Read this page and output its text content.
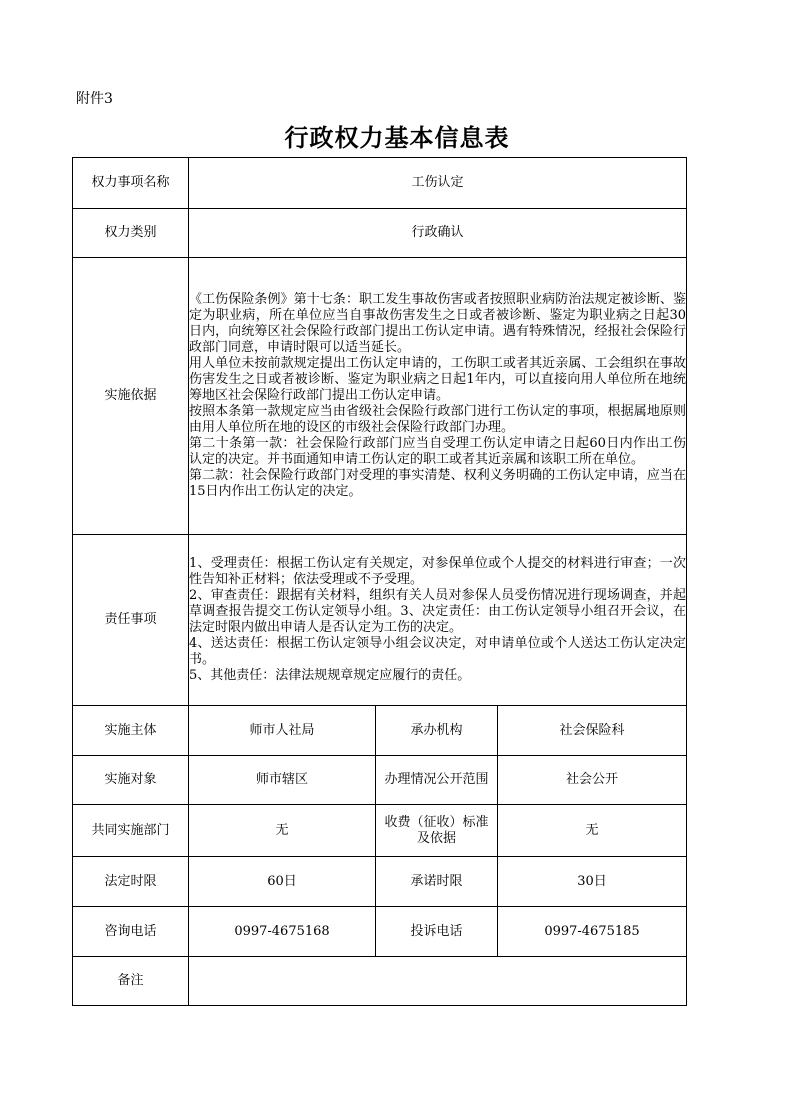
附件3
行政权力基本信息表
权力事项名称	工伤认定		
权力类别	行政确认		
实施依据	《工伤保险条例》第十七条：职工发生事故伤害或者按照职业病防治法规定被诊断、鉴定为职业病，所在单位应当自事故伤害发生之日或者被诊断、鉴定为职业病之日起30日内，向统筹区社会保险行政部门提出工伤认定申请。遇有特殊情况，经报社会保险行政部门同意，申请时限可以适当延长。
用人单位未按前款规定提出工伤认定申请的，工伤职工或者其近亲属、工会组织在事故伤害发生之日或者被诊断、鉴定为职业病之日起1年内，可以直接向用人单位所在地统筹地区社会保险行政部门提出工伤认定申请。
按照本条第一款规定应当由省级社会保险行政部门进行工伤认定的事项，根据属地原则由用人单位所在地的设区的市级社会保险行政部门办理。
第二十条第一款：社会保险行政部门应当自受理工伤认定申请之日起60日内作出工伤认定的决定。并书面通知申请工伤认定的职工或者其近亲属和该职工所在单位。
第二款：社会保险行政部门对受理的事实清楚、权利义务明确的工伤认定申请，应当在15日内作出工伤认定的决定。		

责任事项	1、受理责任：根据工伤认定有关规定，对参保单位或个人提交的材料进行审查；一次性告知补正材料；依法受理或不予受理。
2、审查责任：跟据有关材料，组织有关人员对参保人员受伤情况进行现场调查，并起草调查报告提交工伤认定领导小组。3、决定责任：由工伤认定领导小组召开会议，在法定时限内做出申请人是否认定为工伤的决定。
4、送达责任：根据工伤认定领导小组会议决定，对申请单位或个人送达工伤认定决定书。
5、其他责任：法律法规规章规定应履行的责任。		

实施主体	师市人社局	承办机构	社会保险科
实施对象	师市辖区	办理情况公开范围	社会公开
共同实施部门	无	收费（征收）标准及依据	无
法定时限	60日	承诺时限	30日
咨询电话	0997-4675168	投诉电话	0997-4675185
备注			
